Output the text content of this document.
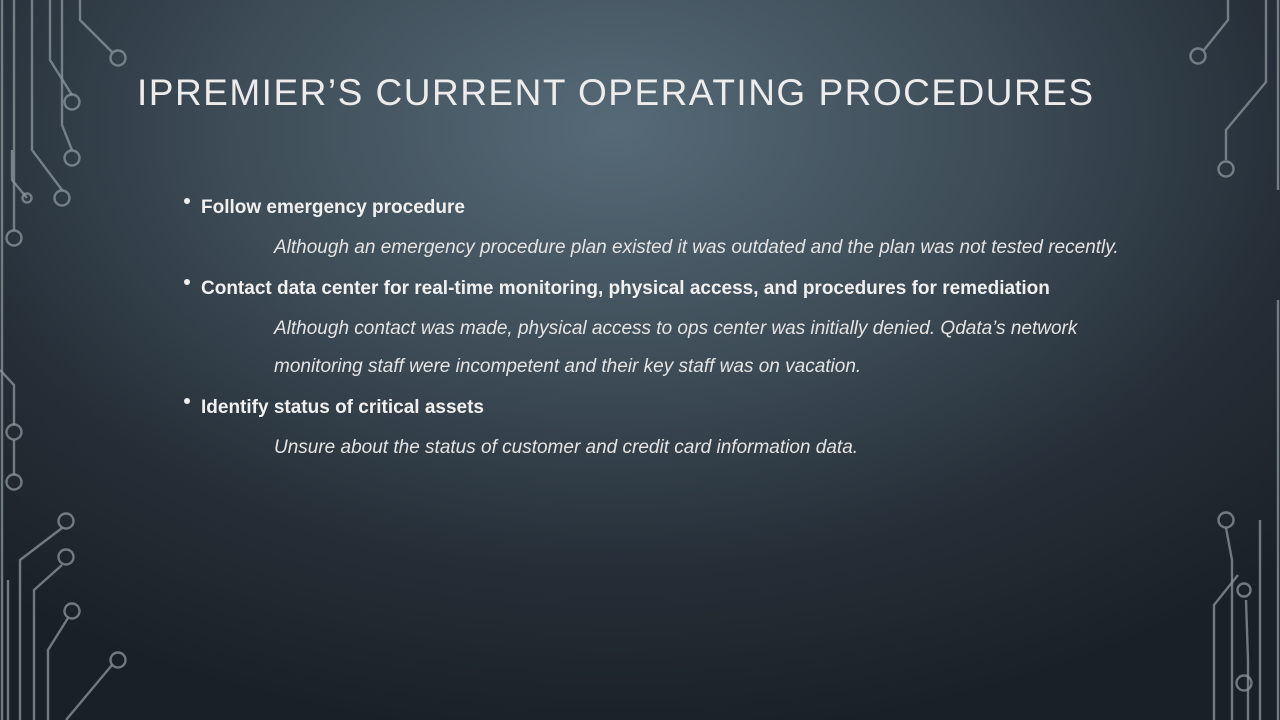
IPREMIER’S CURRENT OPERATING PROCEDURES
Follow emergency procedure
Although an emergency procedure plan existed it was outdated and the plan was not tested recently.
Contact data center for real-time monitoring, physical access, and procedures for remediation
Although contact was made, physical access to ops center was initially denied. Qdata’s network monitoring staff were incompetent and their key staff was on vacation.
Identify status of critical assets
Unsure about the status of customer and credit card information data.
